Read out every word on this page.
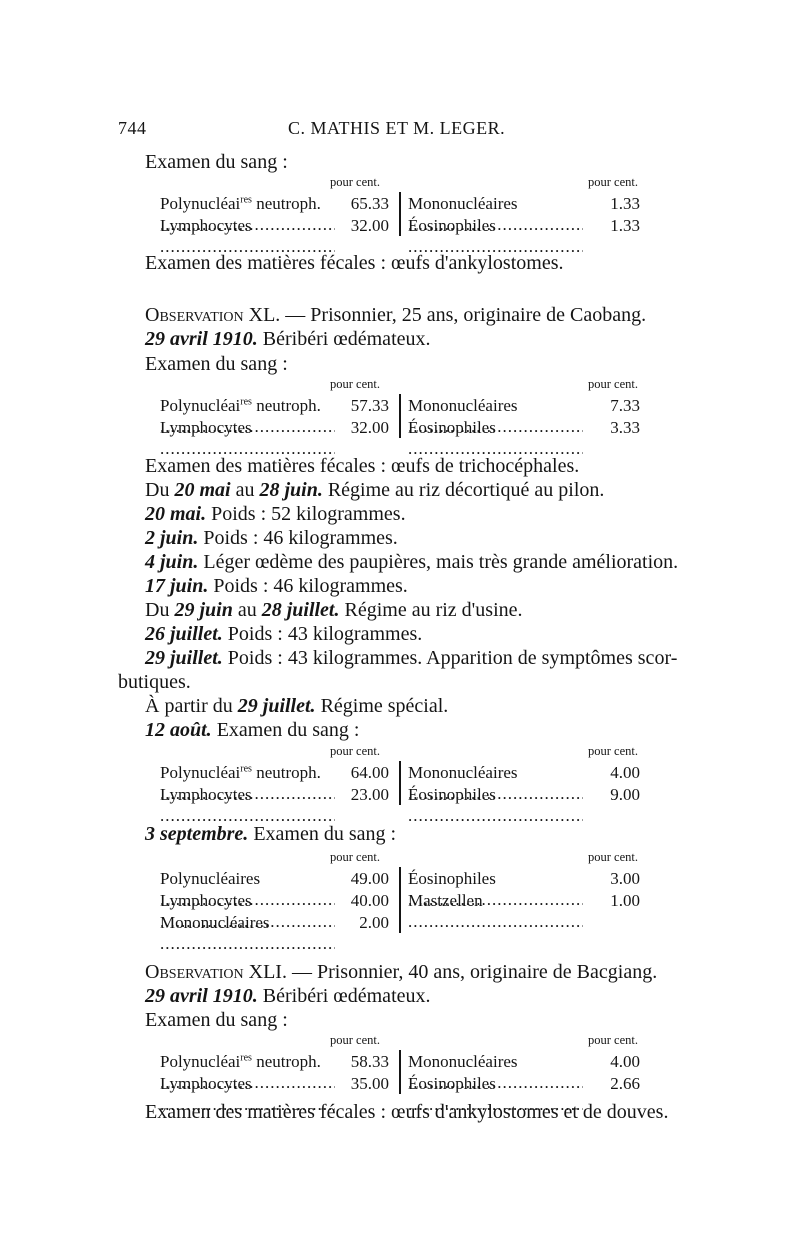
744	C. MATHIS ET M. LEGER.
Examen du sang :
pour cent.	pour cent.
Polynucléai$^{res}$ neutroph. .....	65.33 Mononucléaires .....	1.33
Lymphocytes .....	32.00 Éosinophiles .....	1.33
Examen des matières fécales : œufs d'ankylostomes.
Observation XL. — Prisonnier, 25 ans, originaire de Caobang.
29 avril 1910. Béribéri œdémateux.
Examen du sang :
pour cent.	pour cent.
Polynucléai$^{res}$ neutroph. .....	57.33 Mononucléaires .....	7.33
Lymphocytes .....	32.00 Éosinophiles .....	3.33
Examen des matières fécales : œufs de trichocéphales.
Du 20 mai au 28 juin. Régime au riz décortiqué au pilon.
20 mai. Poids : 52 kilogrammes.
2 juin. Poids : 46 kilogrammes.
4 juin. Léger œdème des paupières, mais très grande amélioration.
17 juin. Poids : 46 kilogrammes.
Du 29 juin au 28 juillet. Régime au riz d'usine.
26 juillet. Poids : 43 kilogrammes.
29 juillet. Poids : 43 kilogrammes. Apparition de symptômes scor-
butiques.
À partir du 29 juillet. Régime spécial.
12 août. Examen du sang :
pour cent.	pour cent.
Polynucléai$^{res}$ neutroph. .....	64.00 Mononucléaires .....	4.00
Lymphocytes .....	23.00 Éosinophiles .....	9.00
3 septembre. Examen du sang :
pour cent.	pour cent.
Polynucléaires .....	49.00 Éosinophiles .....	3.00
Lymphocytes .....	40.00 Mastzellen .....	1.00
Mononucléaires .....	2.00
Observation XLI. — Prisonnier, 40 ans, originaire de Bacgiang.
29 avril 1910. Béribéri œdémateux.
Examen du sang :
pour cent.	pour cent.
Polynucléai$^{res}$ neutroph. .....	58.33 Mononucléaires .....	4.00
Lymphocytes .....	35.00 Éosinophiles .....	2.66
Examen des matières fécales : œufs d'ankylostomes et de douves.
